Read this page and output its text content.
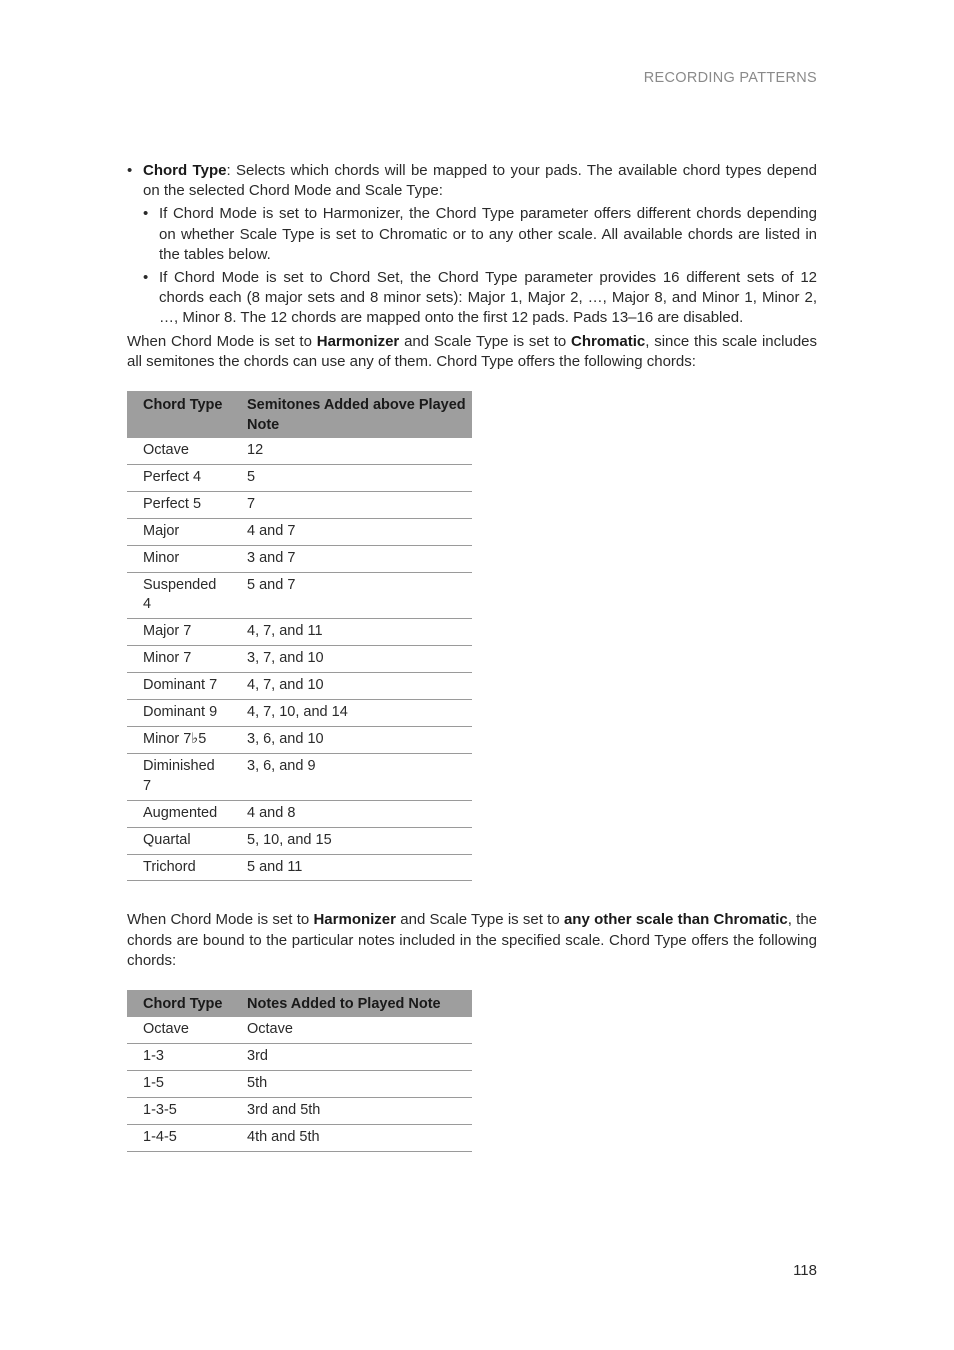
RECORDING PATTERNS
• Chord Type: Selects which chords will be mapped to your pads. The available chord types depend on the selected Chord Mode and Scale Type:
• If Chord Mode is set to Harmonizer, the Chord Type parameter offers different chords depending on whether Scale Type is set to Chromatic or to any other scale. All available chords are listed in the tables below.
• If Chord Mode is set to Chord Set, the Chord Type parameter provides 16 different sets of 12 chords each (8 major sets and 8 minor sets): Major 1, Major 2, …, Major 8, and Minor 1, Minor 2, …, Minor 8. The 12 chords are mapped onto the first 12 pads. Pads 13–16 are disabled.

When Chord Mode is set to Harmonizer and Scale Type is set to Chromatic, since this scale includes all semitones the chords can use any of them. Chord Type offers the following chords:

Chord Type	Semitones Added above Played Note
Octave	12
Perfect 4	5
Perfect 5	7
Major	4 and 7
Minor	3 and 7
Suspended 4	5 and 7
Major 7	4, 7, and 11
Minor 7	3, 7, and 10
Dominant 7	4, 7, and 10
Dominant 9	4, 7, 10, and 14
Minor 7♭5	3, 6, and 10
Diminished 7	3, 6, and 9
Augmented	4 and 8
Quartal	5, 10, and 15
Trichord	5 and 11

When Chord Mode is set to Harmonizer and Scale Type is set to any other scale than Chromatic, the chords are bound to the particular notes included in the specified scale. Chord Type offers the following chords:

Chord Type	Notes Added to Played Note
Octave	Octave
1-3	3rd
1-5	5th
1-3-5	3rd and 5th
1-4-5	4th and 5th
118
